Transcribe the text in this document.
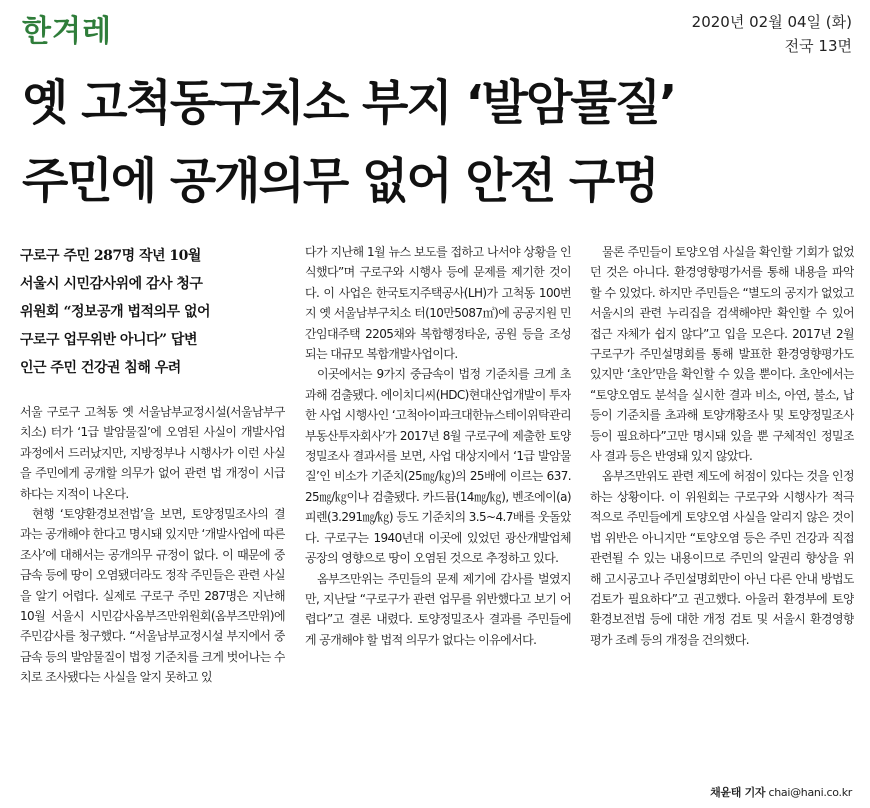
한겨레	2020년 02월 04일 (화)
전국 13면
옛 고척동구치소 부지 ‘발암물질’
주민에 공개의무 없어 안전 구멍
구로구 주민 287명 작년 10월
서울시 시민감사위에 감사 청구
위원회 “정보공개 법적의무 없어
구로구 업무위반 아니다” 답변
인근 주민 건강권 침해 우려

서울 구로구 고척동 옛 서울남부교정시설(서울남부구치소) 터가 ‘1급 발암물질’에 오염된 사실이 개발사업 과정에서 드러났지만, 지방정부나 시행사가 이런 사실을 주민에게 공개할 의무가 없어 관련 법 개정이 시급하다는 지적이 나온다.

현행 ‘토양환경보전법’을 보면, 토양정밀조사의 결과는 공개해야 한다고 명시돼 있지만 ‘개발사업에 따른 조사’에 대해서는 공개의무 규정이 없다. 이 때문에 중금속 등에 땅이 오염됐더라도 정작 주민들은 관련 사실을 알기 어렵다. 실제로 구로구 주민 287명은 지난해 10월 서울시 시민감사옴부즈만위원회(옴부즈만위)에 주민감사를 청구했다. “서울남부교정시설 부지에서 중금속 등의 발암물질이 법정 기준치를 크게 벗어나는 수치로 조사됐다는 사실을 알지 못하고 있

다가 지난해 1월 뉴스 보도를 접하고 나서야 상황을 인식했다”며 구로구와 시행사 등에 문제를 제기한 것이다. 이 사업은 한국토지주택공사(LH)가 고척동 100번지 옛 서울남부구치소 터(10만5087㎡)에 공공지원 민간임대주택 2205채와 복합행정타운, 공원 등을 조성되는 대규모 복합개발사업이다.

이곳에서는 9가지 중금속이 법정 기준치를 크게 초과해 검출됐다. 에이치디씨(HDC)현대산업개발이 투자한 사업 시행사인 ‘고척아이파크대한뉴스테이위탁관리부동산투자회사’가 2017년 8월 구로구에 제출한 토양정밀조사 결과서를 보면, 사업 대상지에서 ‘1급 발암물질’인 비소가 기준치(25㎎/㎏)의 25배에 이르는 637.25㎎/㎏이나 검출됐다. 카드뮴(14㎎/㎏), 벤조에이(a)피렌(3.291㎎/㎏) 등도 기준치의 3.5~4.7배를 웃돌았다. 구로구는 1940년대 이곳에 있었던 광산개발업체 공장의 영향으로 땅이 오염된 것으로 추정하고 있다.

옴부즈만위는 주민들의 문제 제기에 감사를 벌였지만, 지난달 “구로구가 관련 업무를 위반했다고 보기 어렵다”고 결론 내렸다. 토양정밀조사 결과를 주민들에게 공개해야 할 법적 의무가 없다는 이유에서다.

물론 주민들이 토양오염 사실을 확인할 기회가 없었던 것은 아니다. 환경영향평가서를 통해 내용을 파악할 수 있었다. 하지만 주민들은 “별도의 공지가 없었고 서울시의 관련 누리집을 검색해야만 확인할 수 있어 접근 자체가 쉽지 않다”고 입을 모은다. 2017년 2월 구로구가 주민설명회를 통해 발표한 환경영향평가도 있지만 ‘초안’만을 확인할 수 있을 뿐이다. 초안에서는 “토양오염도 분석을 실시한 결과 비소, 아연, 불소, 납 등이 기준치를 초과해 토양개황조사 및 토양정밀조사 등이 필요하다”고만 명시돼 있을 뿐 구체적인 정밀조사 결과 등은 반영돼 있지 않았다.

옴부즈만위도 관련 제도에 허점이 있다는 것을 인정하는 상황이다. 이 위원회는 구로구와 시행사가 적극적으로 주민들에게 토양오염 사실을 알리지 않은 것이 법 위반은 아니지만 “토양오염 등은 주민 건강과 직접 관련될 수 있는 내용이므로 주민의 알권리 향상을 위해 고시공고나 주민설명회만이 아닌 다른 안내 방법도 검토가 필요하다”고 권고했다. 아울러 환경부에 토양환경보전법 등에 대한 개정 검토 및 서울시 환경영향평가 조례 등의 개정을 건의했다.

채윤태 기자 chai@hani.co.kr
